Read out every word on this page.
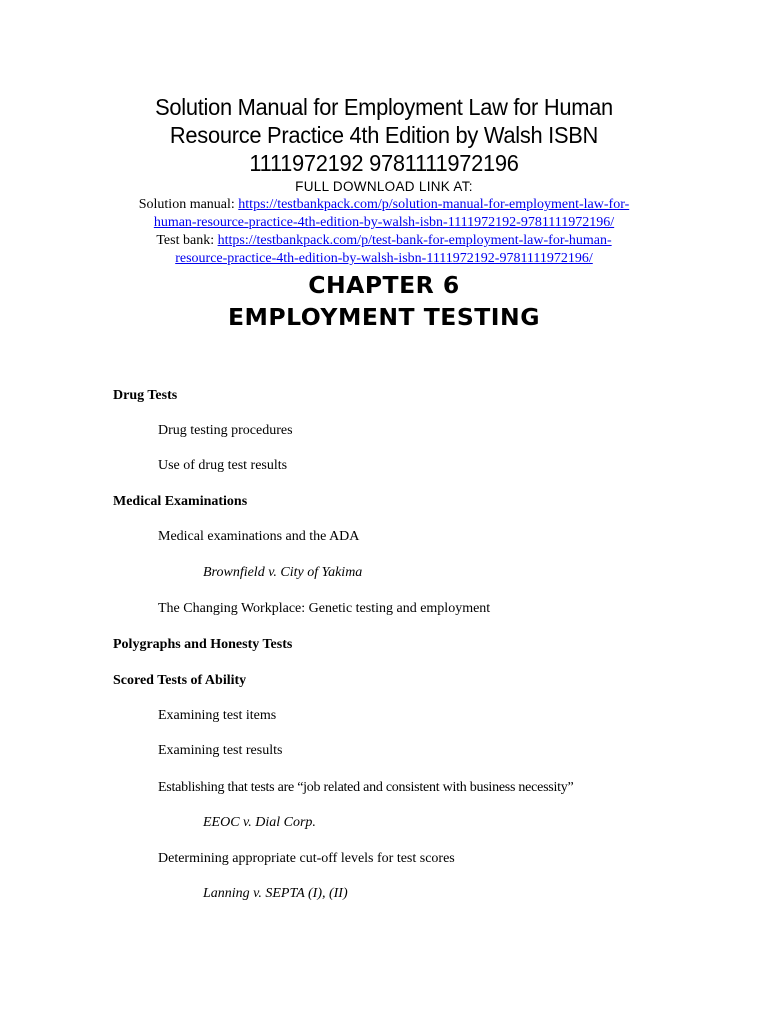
Solution Manual for Employment Law for Human
Resource Practice 4th Edition by Walsh ISBN
1111972192 9781111972196
FULL DOWNLOAD LINK AT:
Solution manual: https://testbankpack.com/p/solution-manual-for-employment-law-for-
human-resource-practice-4th-edition-by-walsh-isbn-1111972192-9781111972196/
Test bank: https://testbankpack.com/p/test-bank-for-employment-law-for-human-
resource-practice-4th-edition-by-walsh-isbn-1111972192-9781111972196/
CHAPTER 6
EMPLOYMENT TESTING
Drug Tests
Drug testing procedures
Use of drug test results
Medical Examinations
Medical examinations and the ADA
Brownfield v. City of Yakima
The Changing Workplace: Genetic testing and employment
Polygraphs and Honesty Tests
Scored Tests of Ability
Examining test items
Examining test results
Establishing that tests are “job related and consistent with business necessity”
EEOC v. Dial Corp.
Determining appropriate cut-off levels for test scores
Lanning v. SEPTA (I), (II)
